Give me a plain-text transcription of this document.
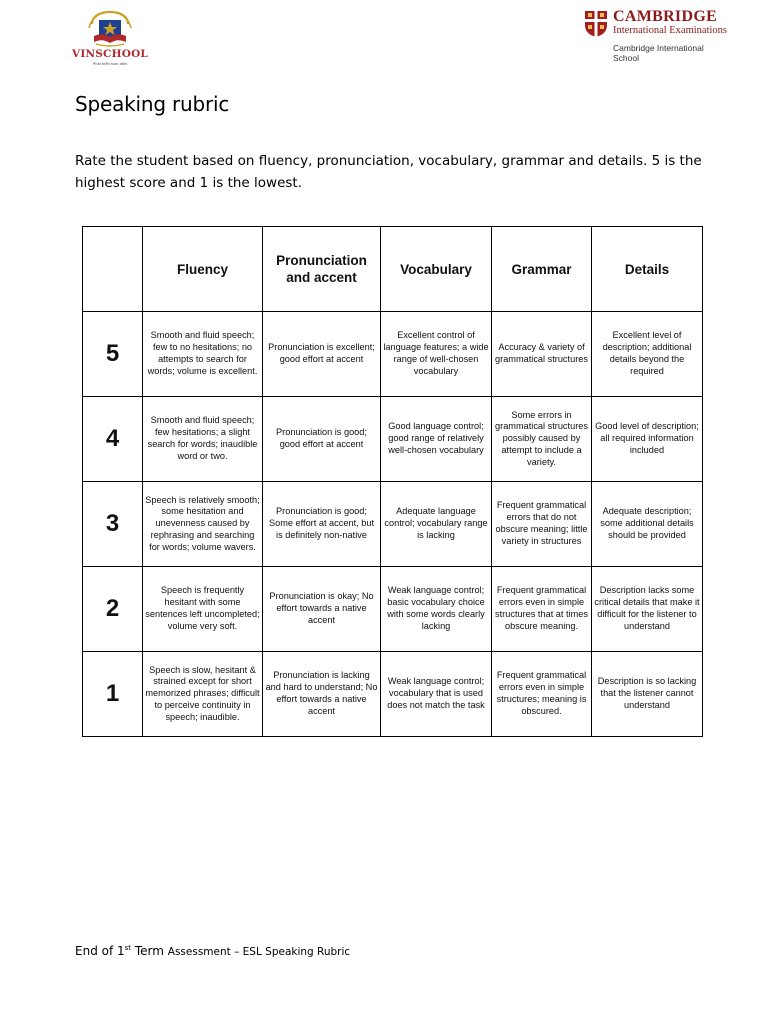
VINSCHOOL
Phát triển toàn diện
CAMBRIDGE
International Examinations
Cambridge International School
Speaking rubric
Rate the student based on fluency, pronunciation, vocabulary, grammar and details. 5 is the highest score and 1 is the lowest.
	Fluency	Pronunciation and accent	Vocabulary	Grammar	Details
5	Smooth and fluid speech; few to no hesitations; no attempts to search for words; volume is excellent.	Pronunciation is excellent; good effort at accent	Excellent control of language features; a wide range of well-chosen vocabulary	Accuracy & variety of grammatical structures	Excellent level of description; additional details beyond the required
4	Smooth and fluid speech; few hesitations; a slight search for words; inaudible word or two.	Pronunciation is good; good effort at accent	Good language control; good range of relatively well-chosen vocabulary	Some errors in grammatical structures possibly caused by attempt to include a variety.	Good level of description; all required information included
3	Speech is relatively smooth; some hesitation and unevenness caused by rephrasing and searching for words; volume wavers.	Pronunciation is good; Some effort at accent, but is definitely non-native	Adequate language control; vocabulary range is lacking	Frequent grammatical errors that do not obscure meaning; little variety in structures	Adequate description; some additional details should be provided
2	Speech is frequently hesitant with some sentences left uncompleted; volume very soft.	Pronunciation is okay; No effort towards a native accent	Weak language control; basic vocabulary choice with some words clearly lacking	Frequent grammatical errors even in simple structures that at times obscure meaning.	Description lacks some critical details that make it difficult for the listener to understand
1	Speech is slow, hesitant & strained except for short memorized phrases; difficult to perceive continuity in speech; inaudible.	Pronunciation is lacking and hard to understand; No effort towards a native accent	Weak language control; vocabulary that is used does not match the task	Frequent grammatical errors even in simple structures; meaning is obscured.	Description is so lacking that the listener cannot understand
End of 1st Term Assessment – ESL Speaking Rubric
